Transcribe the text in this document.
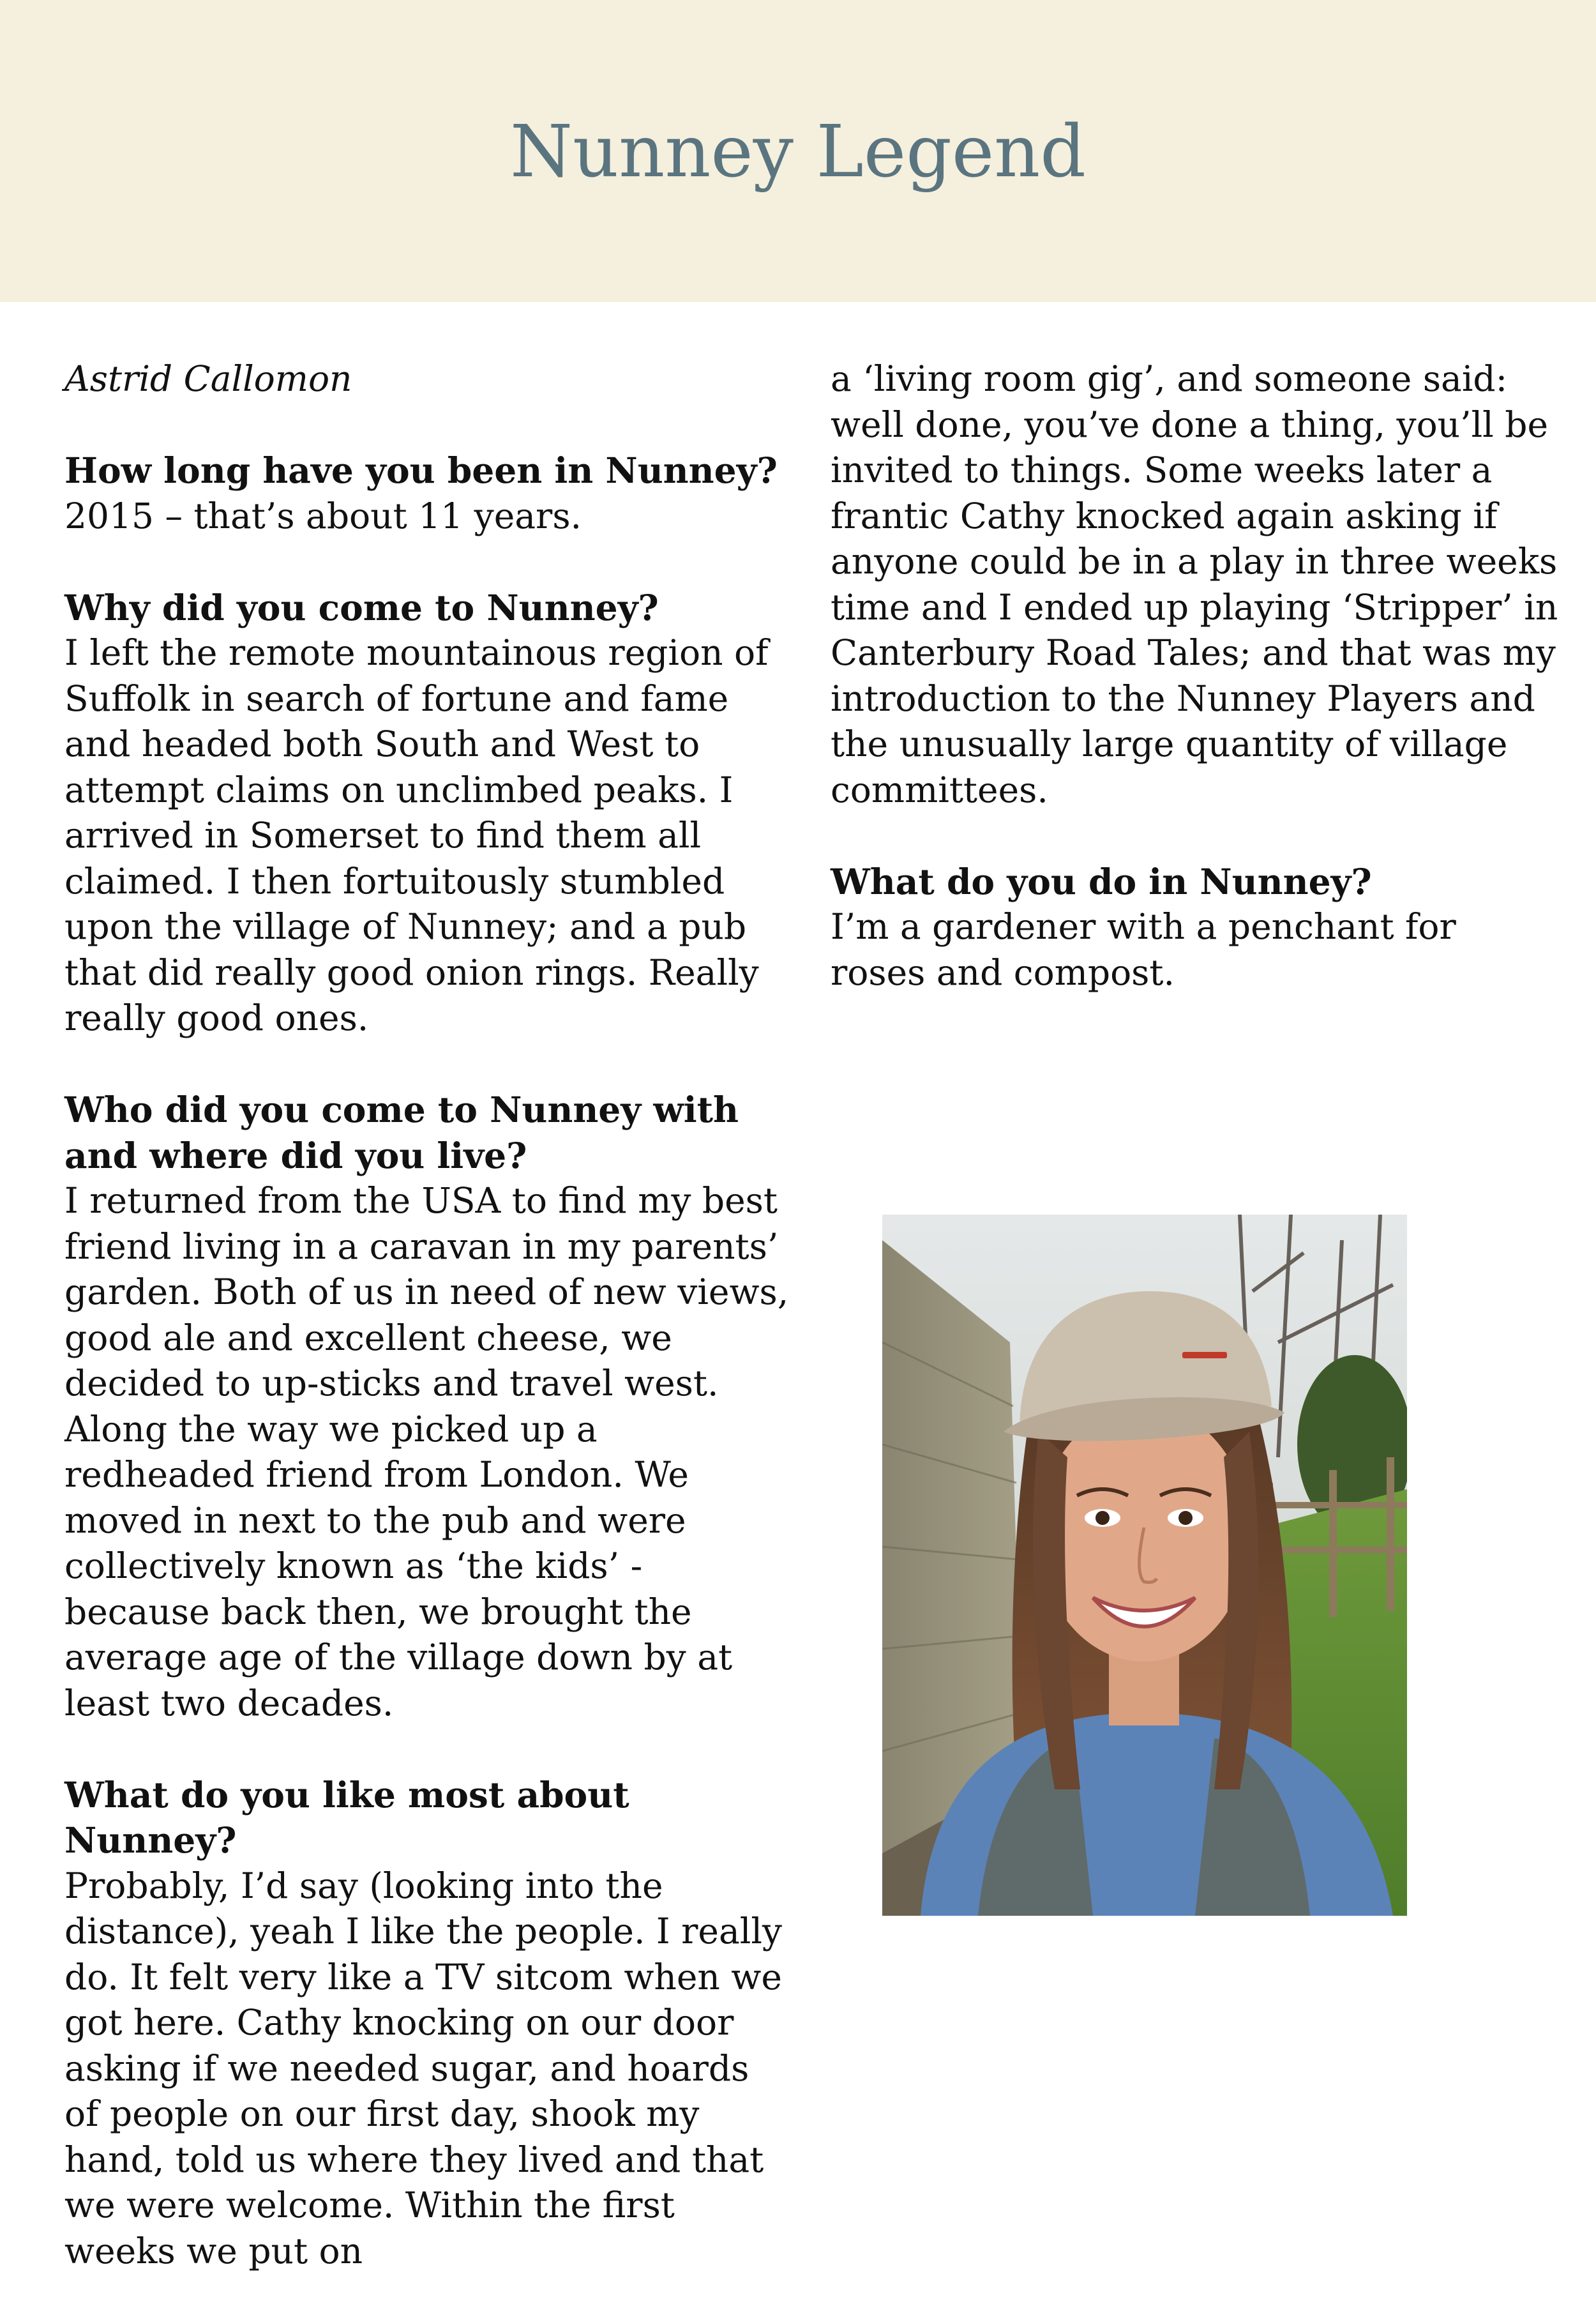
Nunney Legend

Astrid Callomon

How long have you been in Nunney?

2015 – that’s about 11 years.

Why did you come to Nunney?

I left the remote mountainous region of Suffolk in search of fortune and fame and headed both South and West to attempt claims on unclimbed peaks. I arrived in Somerset to find them all claimed. I then fortuitously stumbled upon the village of Nunney; and a pub that did really good onion rings. Really really good ones.

Who did you come to Nunney with and where did you live?

I returned from the USA to find my best friend living in a caravan in my parents’ garden. Both of us in need of new views, good ale and excellent cheese, we decided to up-sticks and travel west. Along the way we picked up a redheaded friend from London. We moved in next to the pub and were collectively known as ‘the kids’ - because back then, we brought the average age of the village down by at least two decades.

What do you like most about Nunney?

Probably, I’d say (looking into the distance), yeah I like the people. I really do. It felt very like a TV sitcom when we got here. Cathy knocking on our door asking if we needed sugar, and hoards of people on our first day, shook my hand, told us where they lived and that we were welcome. Within the first weeks we put on

a ‘living room gig’, and someone said: well done, you’ve done a thing, you’ll be invited to things. Some weeks later a frantic Cathy knocked again asking if anyone could be in a play in three weeks time and I ended up playing ‘Stripper’ in Canterbury Road Tales; and that was my introduction to the Nunney Players and the unusually large quantity of village committees.

What do you do in Nunney?

I’m a gardener with a penchant for roses and compost.
